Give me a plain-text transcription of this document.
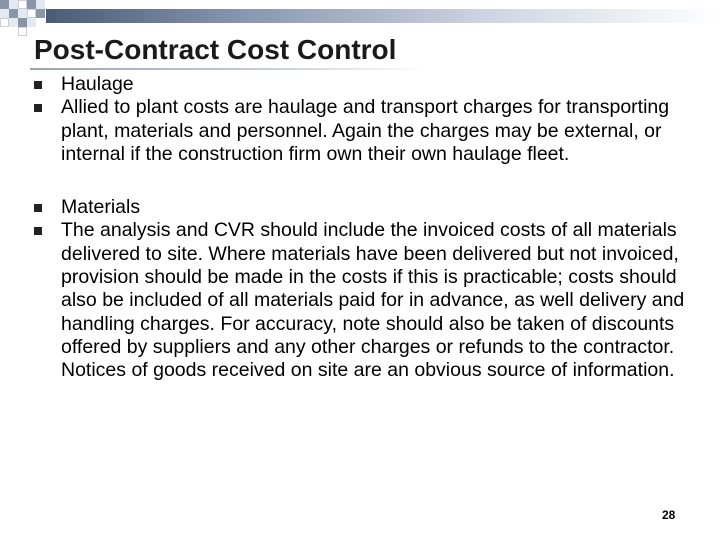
Post-Contract Cost Control
Haulage
Allied to plant costs are haulage and transport charges for transporting plant, materials and personnel. Again the charges may be external, or internal if the construction firm own their own haulage fleet.
Materials
The analysis and CVR should include the invoiced costs of all materials delivered to site. Where materials have been delivered but not invoiced, provision should be made in the costs if this is practicable; costs should also be included of all materials paid for in advance, as well delivery and handling charges. For accuracy, note should also be taken of discounts offered by suppliers and any other charges or refunds to the contractor. Notices of goods received on site are an obvious source of information.
28
